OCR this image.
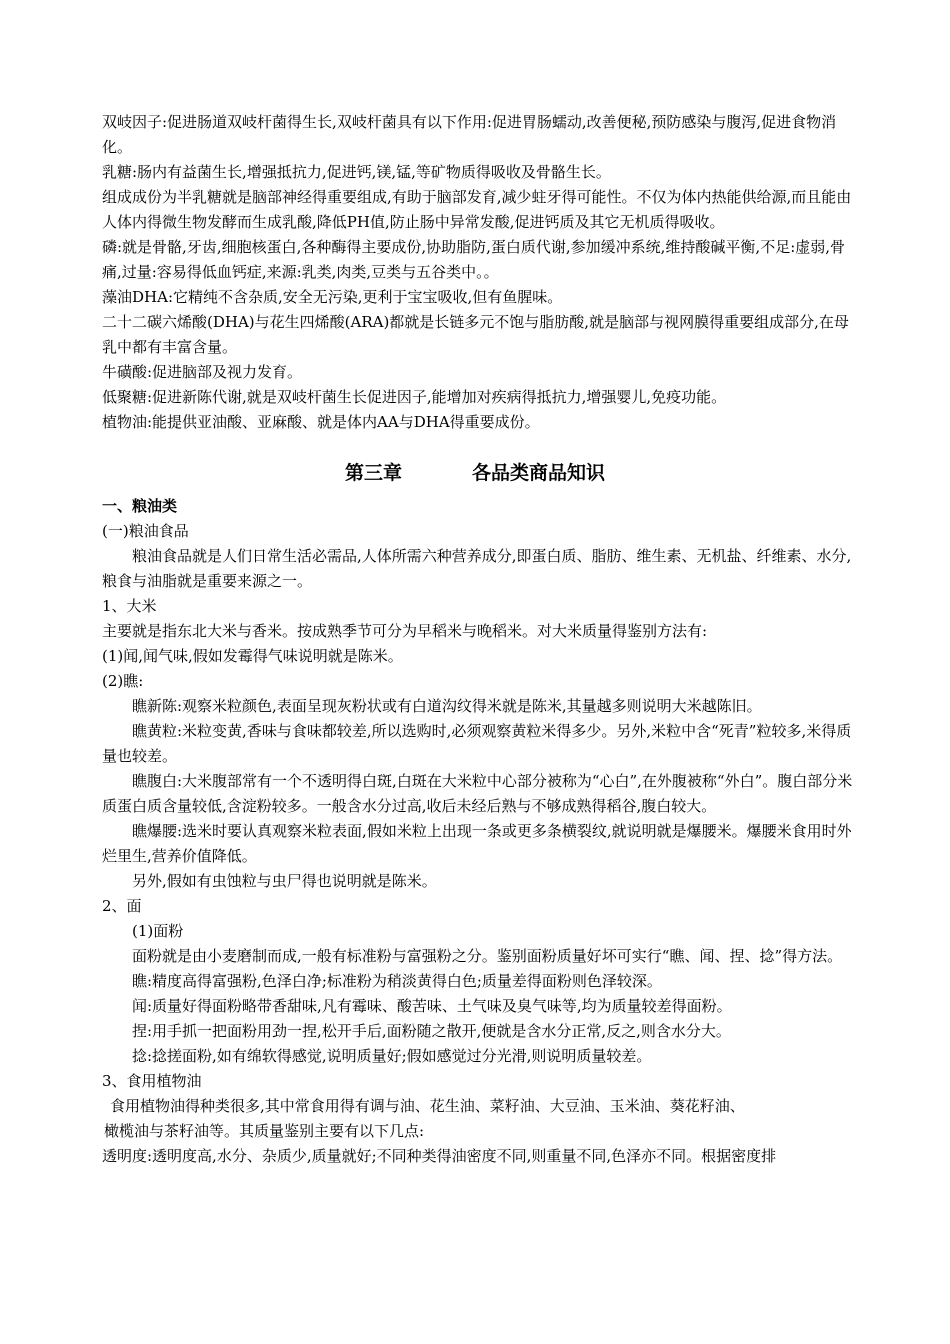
双岐因子:促进肠道双岐杆菌得生长,双岐杆菌具有以下作用:促进胃肠蠕动,改善便秘,预防感染与腹泻,促进食物消化。

乳糖:肠内有益菌生长,增强抵抗力,促进钙,镁,锰,等矿物质得吸收及骨骼生长。

组成成份为半乳糖就是脑部神经得重要组成,有助于脑部发育,减少蛀牙得可能性。不仅为体内热能供给源,而且能由人体内得微生物发酵而生成乳酸,降低PH值,防止肠中异常发酸,促进钙质及其它无机质得吸收。

磷:就是骨骼,牙齿,细胞核蛋白,各种酶得主要成份,协助脂防,蛋白质代谢,参加缓冲系统,维持酸碱平衡,不足:虚弱,骨痛,过量:容易得低血钙症,来源:乳类,肉类,豆类与五谷类中。。

藻油DHA:它精纯不含杂质,安全无污染,更利于宝宝吸收,但有鱼腥味。

二十二碳六烯酸(DHA)与花生四烯酸(ARA)都就是长链多元不饱与脂肪酸,就是脑部与视网膜得重要组成部分,在母乳中都有丰富含量。

牛磺酸:促进脑部及视力发育。

低聚糖:促进新陈代谢,就是双岐杆菌生长促进因子,能增加对疾病得抵抗力,增强婴儿,免疫功能。

植物油:能提供亚油酸、亚麻酸、就是体内AA与DHA得重要成份。

第三章	各品类商品知识

一、粮油类

(一)粮油食品

粮油食品就是人们日常生活必需品,人体所需六种营养成分,即蛋白质、脂肪、维生素、无机盐、纤维素、水分,粮食与油脂就是重要来源之一。

1、大米

主要就是指东北大米与香米。按成熟季节可分为早稻米与晚稻米。对大米质量得鉴别方法有:

(1)闻,闻气味,假如发霉得气味说明就是陈米。

(2)瞧:

瞧新陈:观察米粒颜色,表面呈现灰粉状或有白道沟纹得米就是陈米,其量越多则说明大米越陈旧。

瞧黄粒:米粒变黄,香味与食味都较差,所以选购时,必须观察黄粒米得多少。另外,米粒中含“死青”粒较多,米得质量也较差。

瞧腹白:大米腹部常有一个不透明得白斑,白斑在大米粒中心部分被称为“心白”,在外腹被称“外白”。腹白部分米质蛋白质含量较低,含淀粉较多。一般含水分过高,收后未经后熟与不够成熟得稻谷,腹白较大。

瞧爆腰:选米时要认真观察米粒表面,假如米粒上出现一条或更多条横裂纹,就说明就是爆腰米。爆腰米食用时外烂里生,营养价值降低。

另外,假如有虫蚀粒与虫尸得也说明就是陈米。

2、面

(1)面粉

面粉就是由小麦磨制而成,一般有标准粉与富强粉之分。鉴别面粉质量好坏可实行“瞧、闻、捏、捻”得方法。

瞧:精度高得富强粉,色泽白净;标准粉为稍淡黄得白色;质量差得面粉则色泽较深。

闻:质量好得面粉略带香甜味,凡有霉味、酸苦味、土气味及臭气味等,均为质量较差得面粉。

捏:用手抓一把面粉用劲一捏,松开手后,面粉随之散开,便就是含水分正常,反之,则含水分大。

捻:捻搓面粉,如有绵软得感觉,说明质量好;假如感觉过分光滑,则说明质量较差。

3、食用植物油

食用植物油得种类很多,其中常食用得有调与油、花生油、菜籽油、大豆油、玉米油、葵花籽油、

橄榄油与茶籽油等。其质量鉴别主要有以下几点:

透明度:透明度高,水分、杂质少,质量就好;不同种类得油密度不同,则重量不同,色泽亦不同。根据密度排
